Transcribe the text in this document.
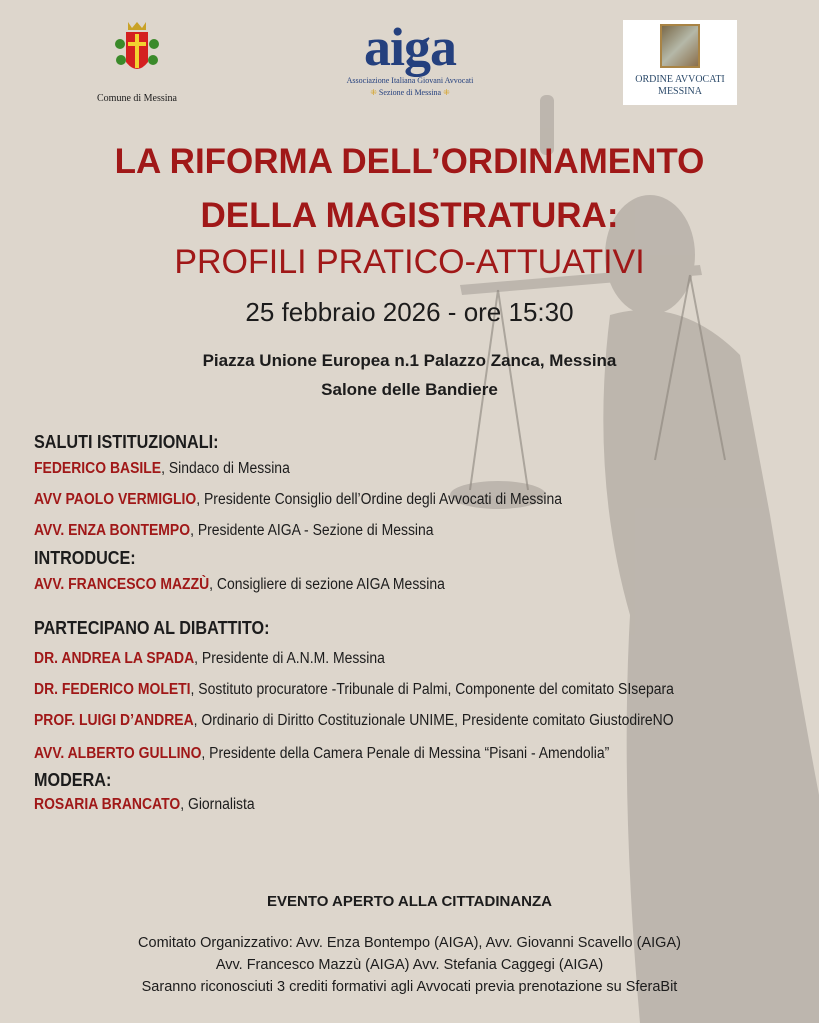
Comune di Messina
aiga
Associazione Italiana Giovani Avvocati
⁜ Sezione di Messina ⁜
ORDINE AVVOCATI MESSINA
LA RIFORMA DELL’ORDINAMENTO
DELLA MAGISTRATURA:
PROFILI PRATICO-ATTUATIVI
25 febbraio 2026 - ore 15:30
Piazza Unione Europea n.1 Palazzo Zanca, Messina
Salone delle Bandiere
SALUTI ISTITUZIONALI:
FEDERICO BASILE, Sindaco di Messina
AVV PAOLO VERMIGLIO, Presidente Consiglio dell’Ordine degli Avvocati di Messina
AVV. ENZA BONTEMPO, Presidente AIGA - Sezione di Messina
INTRODUCE:
AVV. FRANCESCO MAZZÙ, Consigliere di sezione AIGA Messina
PARTECIPANO AL DIBATTITO:
DR. ANDREA LA SPADA, Presidente di A.N.M. Messina
DR. FEDERICO MOLETI, Sostituto procuratore -Tribunale di Palmi, Componente del comitato SIsepara
PROF. LUIGI D’ANDREA, Ordinario di Diritto Costituzionale UNIME, Presidente comitato GiustodireNO
AVV. ALBERTO GULLINO, Presidente della Camera Penale di Messina “Pisani - Amendolia”
MODERA:
ROSARIA BRANCATO, Giornalista
EVENTO APERTO ALLA CITTADINANZA
Comitato Organizzativo: Avv. Enza Bontempo (AIGA), Avv. Giovanni Scavello (AIGA)
Avv. Francesco Mazzù (AIGA) Avv. Stefania Caggegi (AIGA)
Saranno riconosciuti 3 crediti formativi agli Avvocati previa prenotazione su SferaBit
